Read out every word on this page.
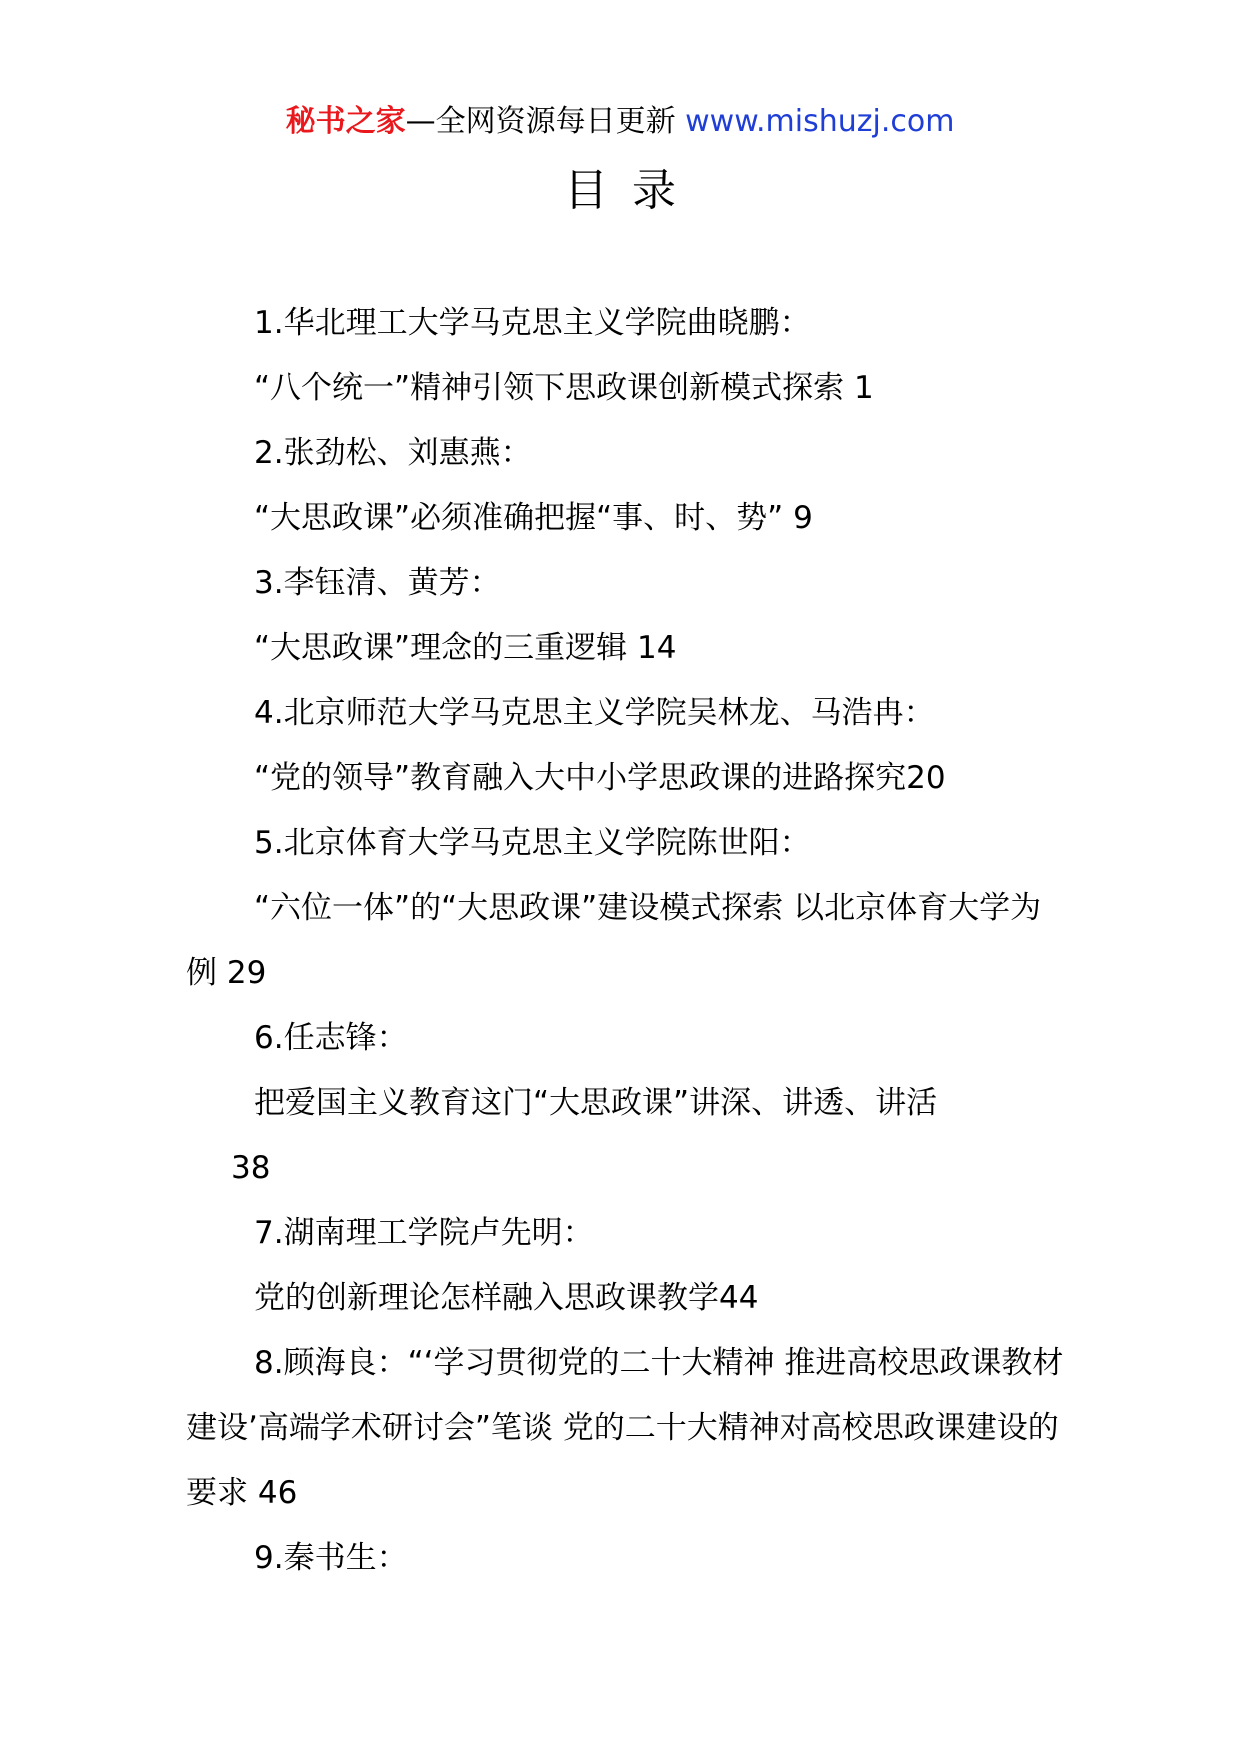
秘书之家—全网资源每日更新 www.mishuzj.com
目录
1.华北理工大学马克思主义学院曲晓鹏：
“八个统一”精神引领下思政课创新模式探索 1
2.张劲松、刘惠燕：
“大思政课”必须准确把握“事、时、势” 9
3.李钰清、黄芳：
“大思政课”理念的三重逻辑 14
4.北京师范大学马克思主义学院吴林龙、马浩冉：
“党的领导”教育融入大中小学思政课的进路探究20
5.北京体育大学马克思主义学院陈世阳：
“六位一体”的“大思政课”建设模式探索 以北京体育大学为例 29
6.任志锋：
把爱国主义教育这门“大思政课”讲深、讲透、讲活
38
7.湖南理工学院卢先明：
党的创新理论怎样融入思政课教学44
8.顾海良：“‘学习贯彻党的二十大精神 推进高校思政课教材建设’高端学术研讨会”笔谈 党的二十大精神对高校思政课建设的要求 46
9.秦书生：
